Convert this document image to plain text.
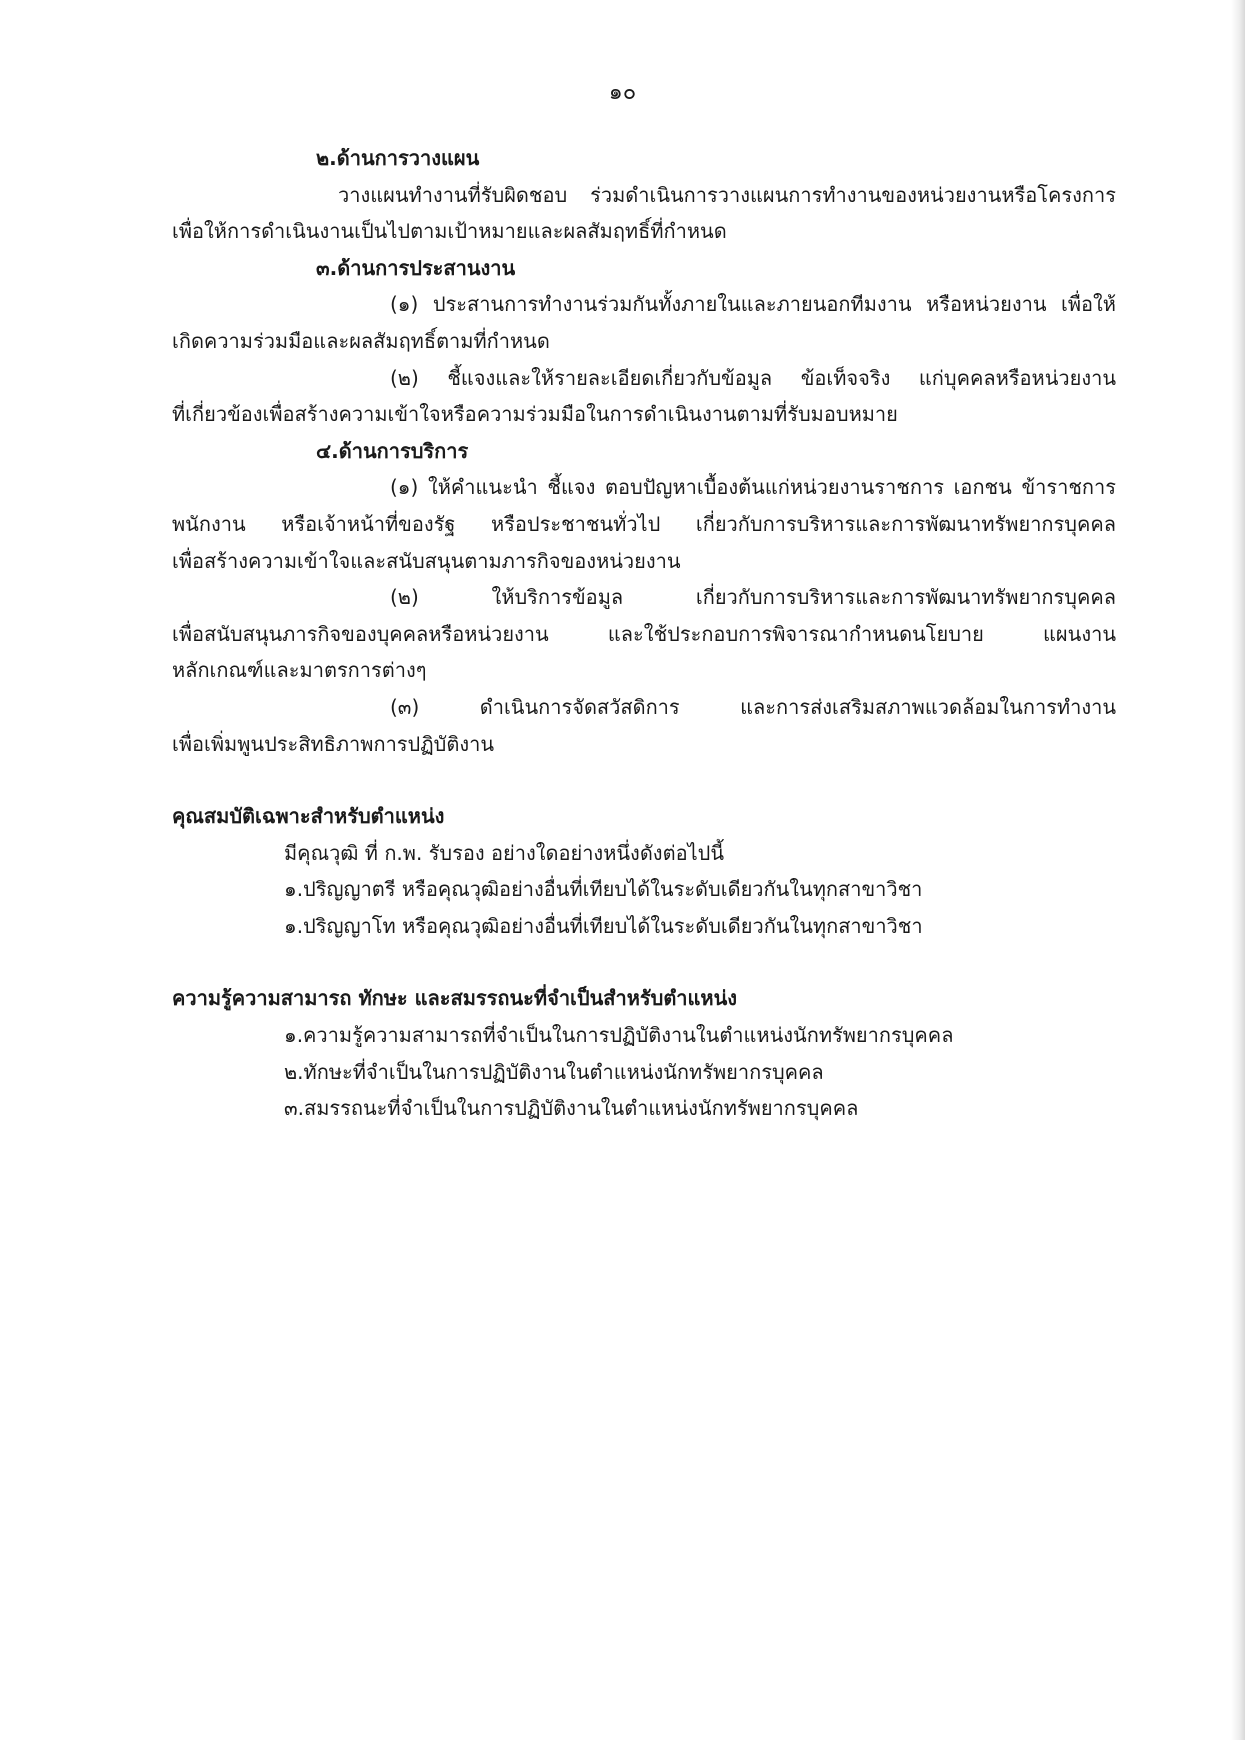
๑๐
๒.ด้านการวางแผน
วางแผนทำงานที่รับผิดชอบ ร่วมดำเนินการวางแผนการทำงานของหน่วยงานหรือโครงการ
เพื่อให้การดำเนินงานเป็นไปตามเป้าหมายและผลสัมฤทธิ์ที่กำหนด
๓.ด้านการประสานงาน
(๑) ประสานการทำงานร่วมกันทั้งภายในและภายนอกทีมงาน หรือหน่วยงาน เพื่อให้
เกิดความร่วมมือและผลสัมฤทธิ์ตามที่กำหนด
(๒) ชี้แจงและให้รายละเอียดเกี่ยวกับข้อมูล ข้อเท็จจริง แก่บุคคลหรือหน่วยงาน
ที่เกี่ยวข้องเพื่อสร้างความเข้าใจหรือความร่วมมือในการดำเนินงานตามที่รับมอบหมาย
๔.ด้านการบริการ
(๑) ให้คำแนะนำ ชี้แจง ตอบปัญหาเบื้องต้นแก่หน่วยงานราชการ เอกชน ข้าราชการ
พนักงาน หรือเจ้าหน้าที่ของรัฐ หรือประชาชนทั่วไป เกี่ยวกับการบริหารและการพัฒนาทรัพยากรบุคคล
เพื่อสร้างความเข้าใจและสนับสนุนตามภารกิจของหน่วยงาน
(๒) ให้บริการข้อมูล เกี่ยวกับการบริหารและการพัฒนาทรัพยากรบุคคล
เพื่อสนับสนุนภารกิจของบุคคลหรือหน่วยงาน และใช้ประกอบการพิจารณากำหนดนโยบาย แผนงาน
หลักเกณฑ์และมาตรการต่างๆ
(๓) ดำเนินการจัดสวัสดิการ และการส่งเสริมสภาพแวดล้อมในการทำงาน
เพื่อเพิ่มพูนประสิทธิภาพการปฏิบัติงาน
คุณสมบัติเฉพาะสำหรับตำแหน่ง
มีคุณวุฒิ ที่ ก.พ. รับรอง อย่างใดอย่างหนึ่งดังต่อไปนี้
๑.ปริญญาตรี หรือคุณวุฒิอย่างอื่นที่เทียบได้ในระดับเดียวกันในทุกสาขาวิชา
๑.ปริญญาโท หรือคุณวุฒิอย่างอื่นที่เทียบได้ในระดับเดียวกันในทุกสาขาวิชา
ความรู้ความสามารถ ทักษะ และสมรรถนะที่จำเป็นสำหรับตำแหน่ง
๑.ความรู้ความสามารถที่จำเป็นในการปฏิบัติงานในตำแหน่งนักทรัพยากรบุคคล
๒.ทักษะที่จำเป็นในการปฏิบัติงานในตำแหน่งนักทรัพยากรบุคคล
๓.สมรรถนะที่จำเป็นในการปฏิบัติงานในตำแหน่งนักทรัพยากรบุคคล
